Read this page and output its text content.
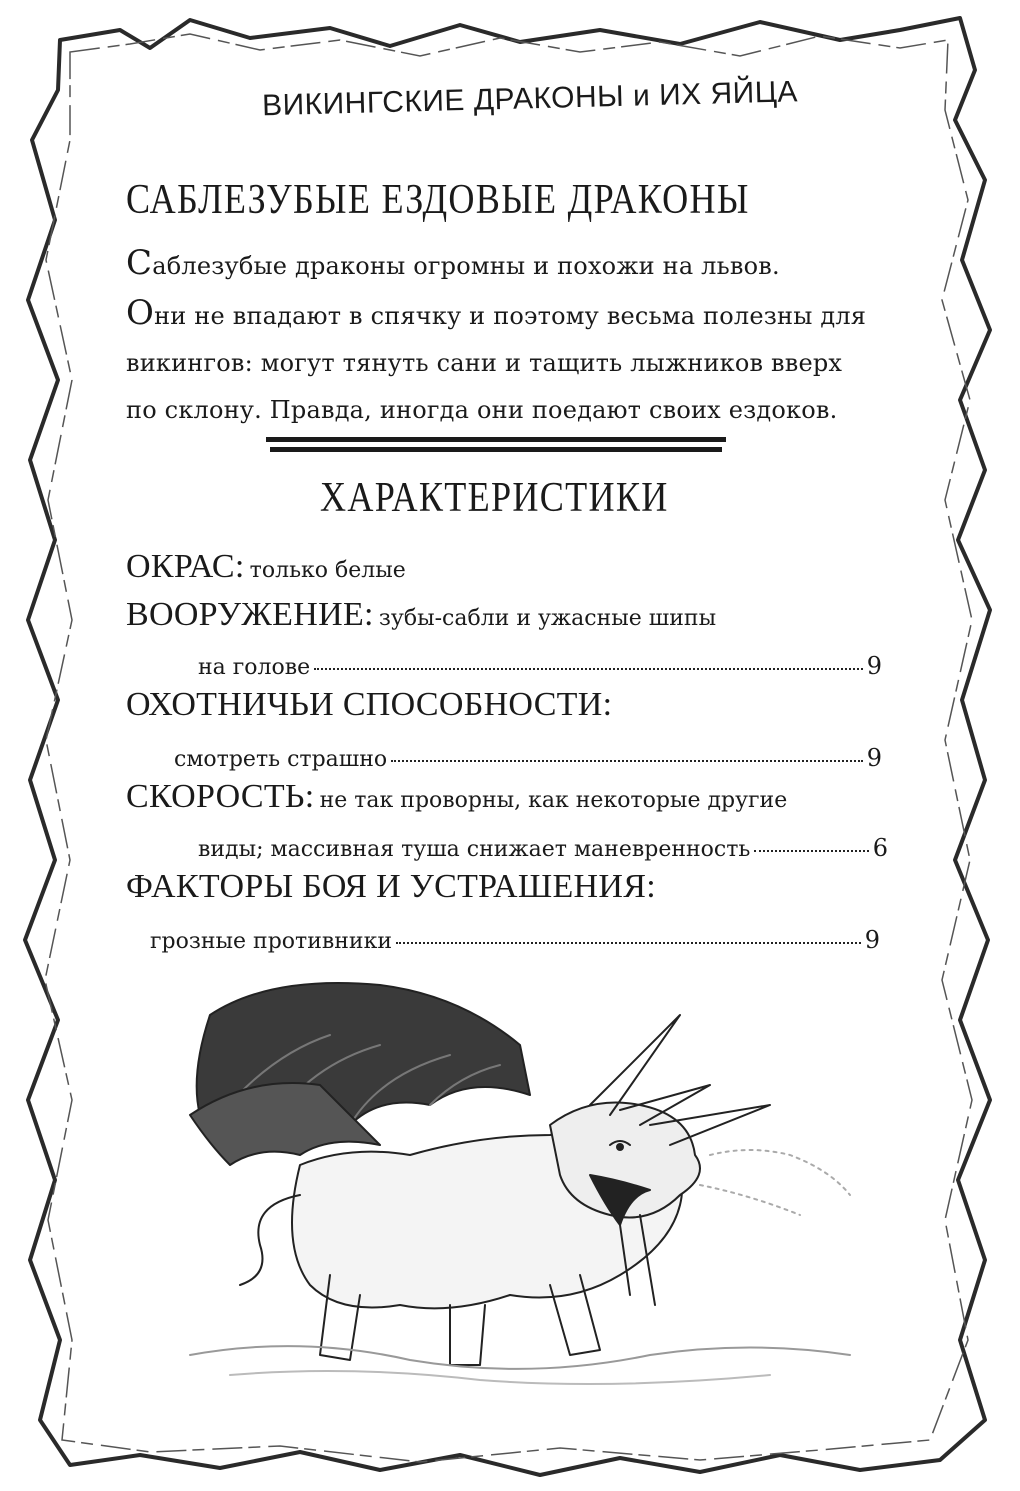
ВИКИНГСКИЕ ДРАКОНЫ и ИХ ЯЙЦА
САБЛЕЗУБЫЕ ЕЗДОВЫЕ ДРАКОНЫ
Саблезубые драконы огромны и похожи на львов.
Они не впадают в спячку и поэтому весьма полезны для
викингов: могут тянуть сани и тащить лыжников вверх
по склону. Правда, иногда они поедают своих ездоков.
ХАРАКТЕРИСТИКИ
ОКРАС: только белые
ВООРУЖЕНИЕ: зубы-сабли и ужасные шипы
на голове	9
ОХОТНИЧЬИ СПОСОБНОСТИ:
смотреть страшно	9
СКОРОСТЬ: не так проворны, как некоторые другие
виды; массивная туша снижает маневренность	6
ФАКТОРЫ БОЯ И УСТРАШЕНИЯ:
грозные противники	9
